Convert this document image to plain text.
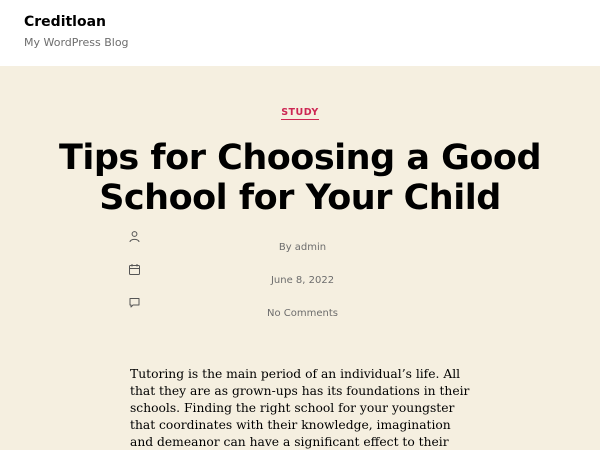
Creditloan
My WordPress Blog
STUDY
Tips for Choosing a Good School for Your Child
By admin
June 8, 2022
No Comments

Tutoring is the main period of an individual’s life. All that they are as grown-ups has its foundations in their schools. Finding the right school for your youngster that coordinates with their knowledge, imagination and demeanor can have a significant effect to their
